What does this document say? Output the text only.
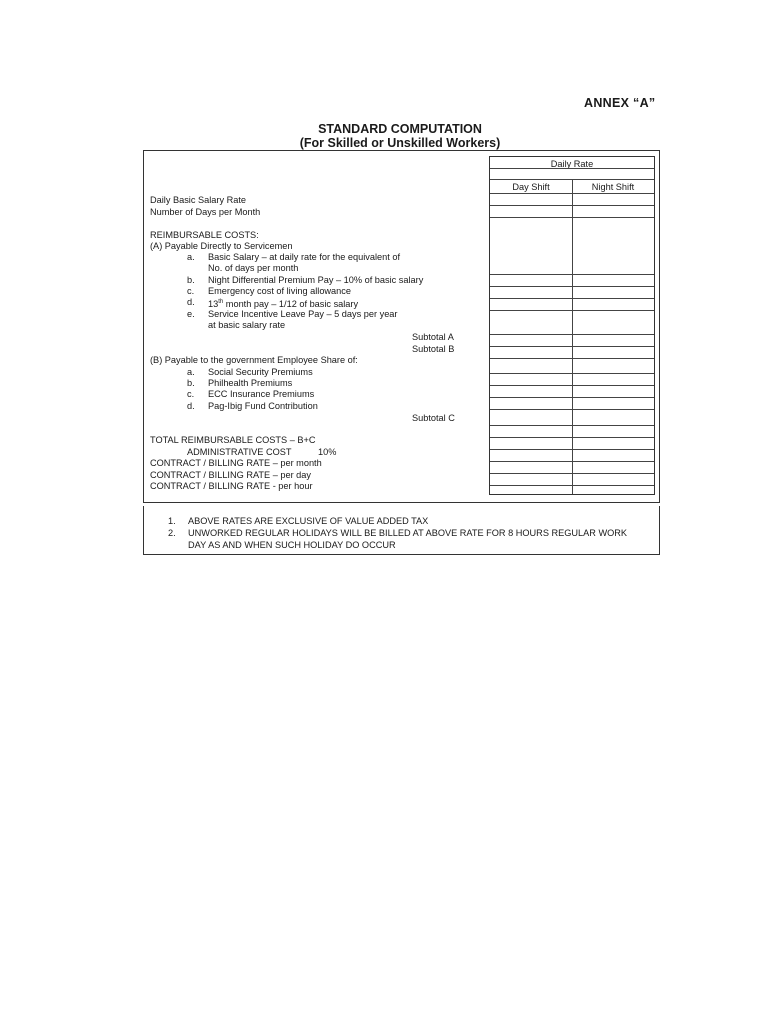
ANNEX “A”
STANDARD COMPUTATION
(For Skilled or Unskilled Workers)
Daily Rate
Day Shift	Night Shift
Daily Basic Salary Rate
Number of Days per Month
REIMBURSABLE COSTS:
(A) Payable Directly to Servicemen
a. Basic Salary – at daily rate for the equivalent of
No. of days per month
b. Night Differential Premium Pay – 10% of basic salary
c. Emergency cost of living allowance
d. 13th month pay – 1/12 of basic salary
e. Service Incentive Leave Pay – 5 days per year
at basic salary rate
Subtotal A
Subtotal B
(B) Payable to the government Employee Share of:
a. Social Security Premiums
b. Philhealth Premiums
c. ECC Insurance Premiums
d. Pag-Ibig Fund Contribution
Subtotal C
TOTAL REIMBURSABLE COSTS – B+C
ADMINISTRATIVE COST	10%
CONTRACT / BILLING RATE – per month
CONTRACT / BILLING RATE – per day
CONTRACT / BILLING RATE - per hour
1. ABOVE RATES ARE EXCLUSIVE OF VALUE ADDED TAX
2. UNWORKED REGULAR HOLIDAYS WILL BE BILLED AT ABOVE RATE FOR 8 HOURS REGULAR WORK
DAY AS AND WHEN SUCH HOLIDAY DO OCCUR
